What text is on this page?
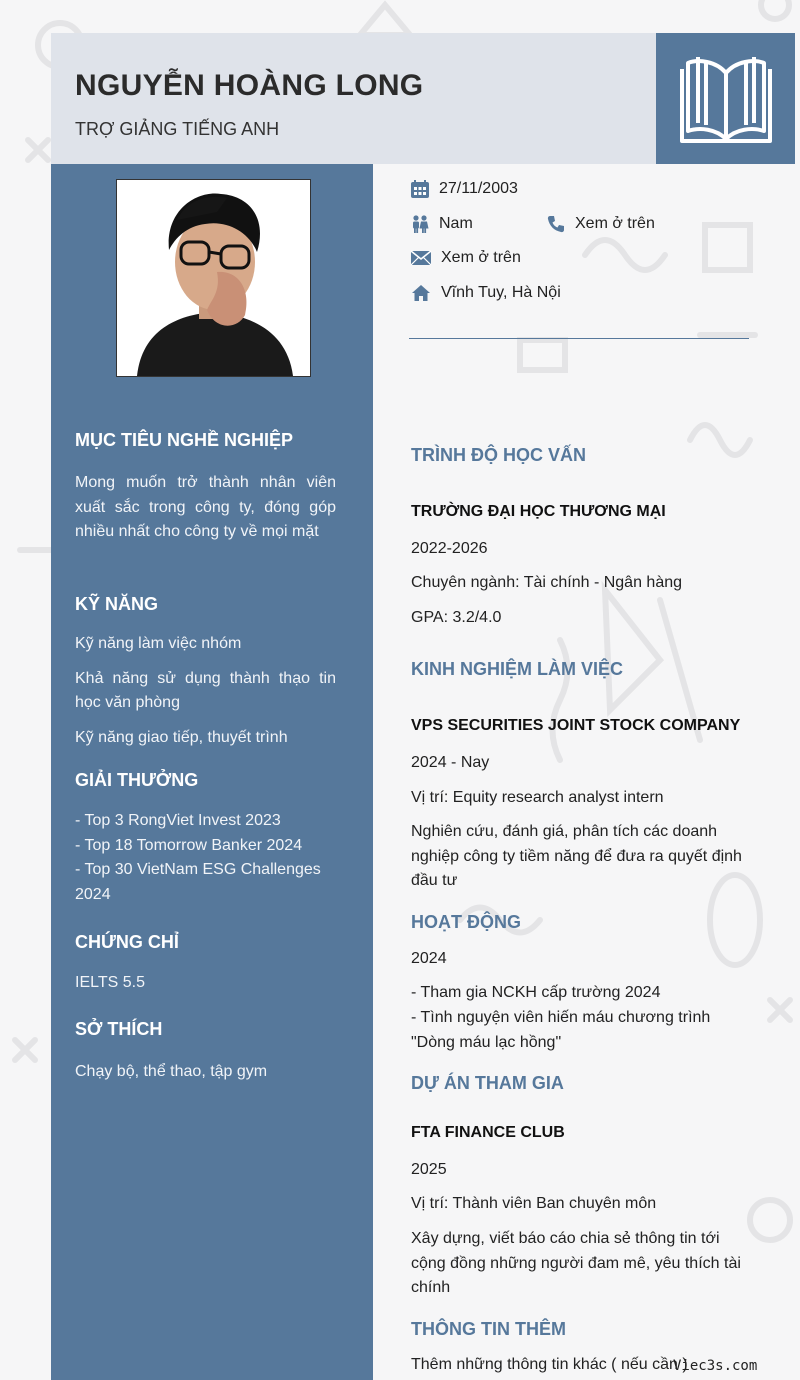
NGUYỄN HOÀNG LONG
TRỢ GIẢNG TIẾNG ANH
MỤC TIÊU NGHỀ NGHIỆP

Mong muốn trở thành nhân viên xuất sắc trong công ty, đóng góp nhiều nhất cho công ty về mọi mặt

KỸ NĂNG

Kỹ năng làm việc nhóm

Khả năng sử dụng thành thạo tin học văn phòng

Kỹ năng giao tiếp, thuyết trình

GIẢI THƯỞNG

- Top 3 RongViet Invest 2023

- Top 18 Tomorrow Banker 2024

- Top 30 VietNam ESG Challenges 2024

CHỨNG CHỈ

IELTS 5.5

SỞ THÍCH

Chạy bộ, thể thao, tập gym

27/11/2003
Nam	Xem ở trên
Xem ở trên
Vĩnh Tuy, Hà Nội
TRÌNH ĐỘ HỌC VẤN
TRƯỜNG ĐẠI HỌC THƯƠNG MẠI
2022-2026
Chuyên ngành: Tài chính - Ngân hàng
GPA: 3.2/4.0
KINH NGHIỆM LÀM VIỆC
VPS SECURITIES JOINT STOCK COMPANY
2024 - Nay
Vị trí: Equity research analyst intern
Nghiên cứu, đánh giá, phân tích các doanh nghiệp công ty tiềm năng để đưa ra quyết định đầu tư
HOẠT ĐỘNG
2024
- Tham gia NCKH cấp trường 2024
- Tình nguyện viên hiến máu chương trình "Dòng máu lạc hồng"
DỰ ÁN THAM GIA
FTA FINANCE CLUB
2025
Vị trí: Thành viên Ban chuyên môn
Xây dựng, viết báo cáo chia sẻ thông tin tới cộng đồng những người đam mê, yêu thích tài chính
THÔNG TIN THÊM
Thêm những thông tin khác ( nếu cần )
Viec3s.com
